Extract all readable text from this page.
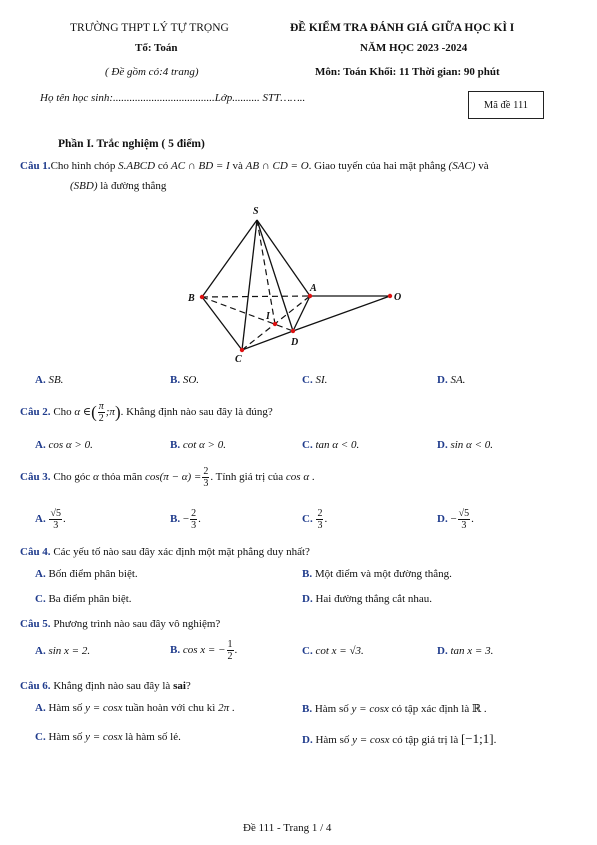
TRƯỜNG THPT LÝ TỰ TRỌNG
Tổ: Toán
( Đề gồm có:4 trang)
ĐỀ KIỂM TRA ĐÁNH GIÁ GIỮA HỌC KÌ I
NĂM HỌC 2023 -2024
Môn: Toán Khối: 11 Thời gian: 90 phút
Họ tên học sinh:.....................................Lớp.......... STT……..
Mã đề 111
Phần I. Trắc nghiệm ( 5 điểm)
Câu 1.Cho hình chóp S.ABCD có AC ∩ BD = I và AB ∩ CD = O. Giao tuyến của hai mặt phẳng (SAC) và
(SBD) là đường thẳng
S
B
A
O
I
D
C
A. SB.	B. SO.	C. SI.	D. SA.
Câu 2. Cho α ∈( $\frac{\pi}{2}$ ;π). Khẳng định nào sau đây là đúng?
A. cos α > 0.	B. cot α > 0.	C. tan α < 0.	D. sin α < 0.
Câu 3. Cho góc α thỏa mãn $\cos(\pi - \alpha) = \frac{2}{3}$ . Tính giá trị của cos α .
A. $\frac{√5}{3}$ .	B. − $\frac{2}{3}$ .	C. $\frac{2}{3}$ .	D. − $\frac{√5}{3}$ .
Câu 4. Các yếu tố nào sau đây xác định một mặt phẳng duy nhất?
A. Bốn điểm phân biệt.	B. Một điểm và một đường thẳng.
C. Ba điểm phân biệt.	D. Hai đường thẳng cắt nhau.
Câu 5. Phương trình nào sau đây vô nghiệm?
A. sin x = 2.	B. cos x = − $\frac{1}{2}$ .	C. cot x = √3.	D. tan x = 3.
Câu 6. Khẳng định nào sau đây là sai?
A. Hàm số y = cosx tuần hoàn với chu kì 2π .	B. Hàm số y = cosx có tập xác định là ℝ .
C. Hàm số y = cosx là hàm số lẻ.	D. Hàm số y = cosx có tập giá trị là [−1;1].
Đề 111 - Trang 1 / 4
